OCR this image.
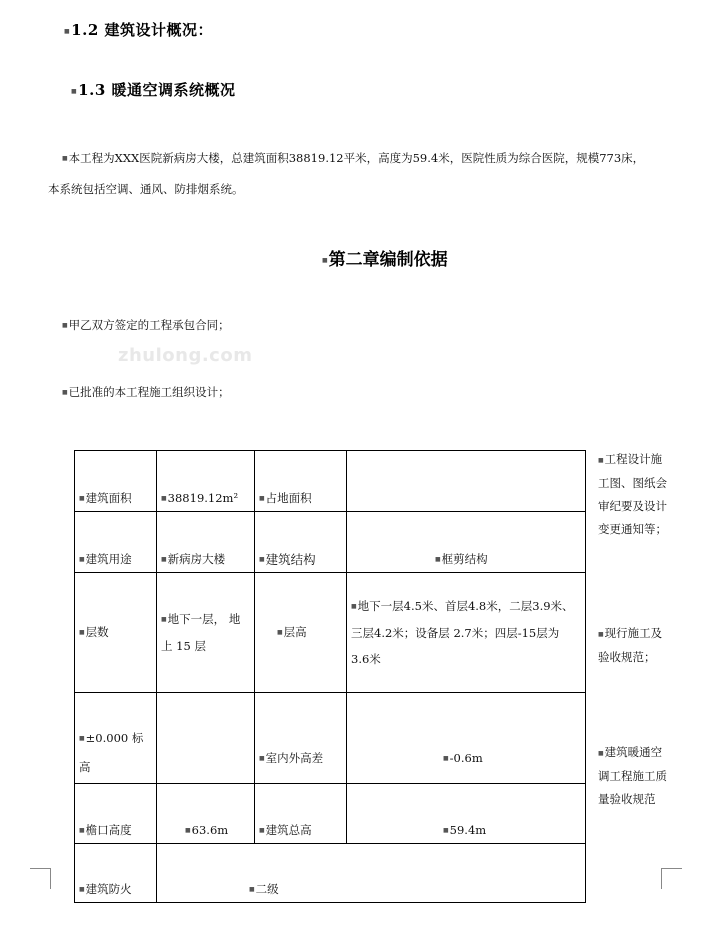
■1.2 建筑设计概况：
■1.3 暖通空调系统概况
■本工程为XXX医院新病房大楼，总建筑面积38819.12平米，高度为59.4米，医院性质为综合医院，规模773床，
本系统包括空调、通风、防排烟系统。
■第二章编制依据
■甲乙双方签定的工程承包合同；
zhulong.com
■已批准的本工程施工组织设计；
■建筑面积	■38819.12m²	■占地面积	
■建筑用途	■新病房大楼	■建筑结构	■框剪结构
■层数	■地下一层， 地上 15 层	■层高	■地下一层4.5米、首层4.8米，二层3.9米、三层4.2米；设备层 2.7米；四层-15层为 3.6米
■±0.000 标高		■室内外高差	■-0.6m
■檐口高度	■63.6m	■建筑总高	■59.4m
■建筑防火	■二级		
■工程设计施工图、图纸会审纪要及设计变更通知等；
■现行施工及验收规范；
■建筑暖通空调工程施工质量验收规范
